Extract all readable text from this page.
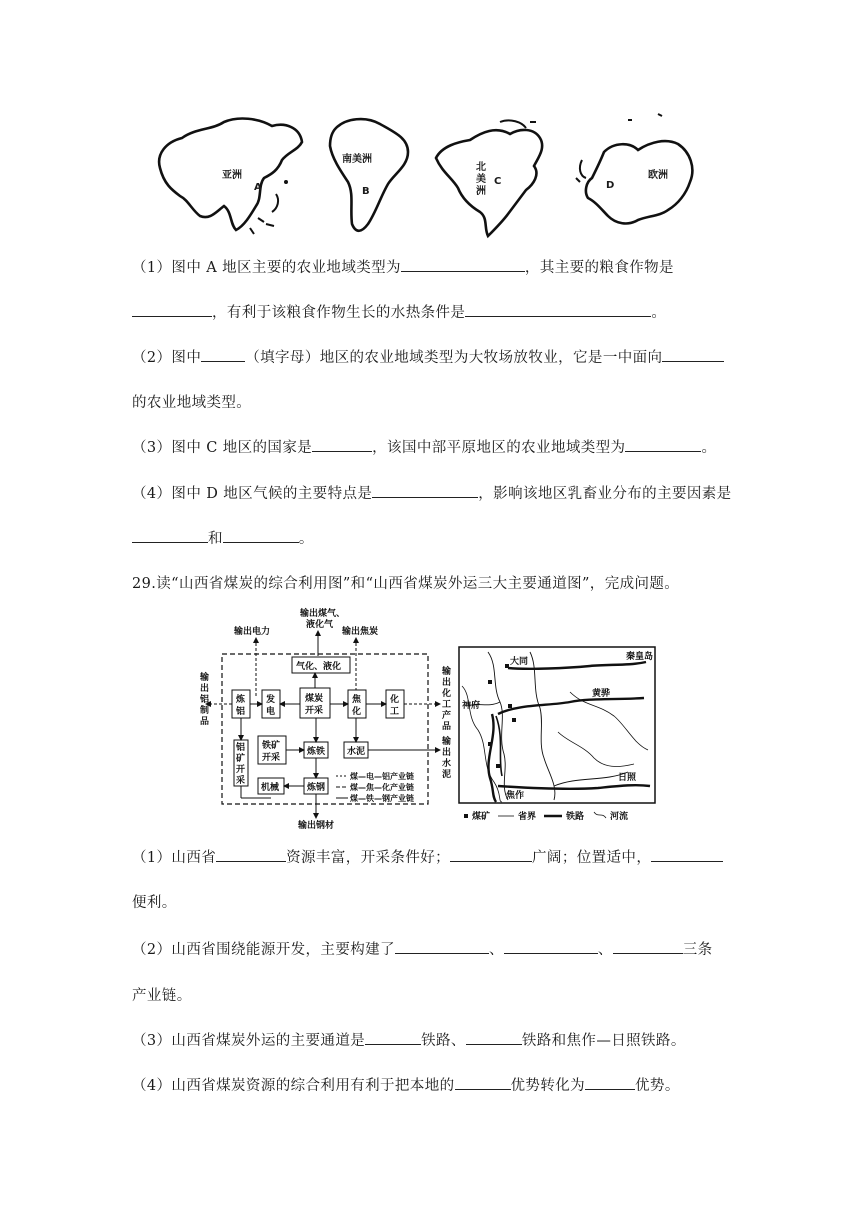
亚洲
A
南美洲
B
北
美
洲
C
欧洲
D
（1）图中 A 地区主要的农业地域类型为	，其主要的粮食作物是
，有利于该粮食作物生长的水热条件是	。
（2）图中	（填字母）地区的农业地域类型为大牧场放牧业，它是一中面向
的农业地域类型。
（3）图中 C 地区的国家是	，该国中部平原地区的农业地域类型为	。
（4）图中 D 地区气候的主要特点是	，影响该地区乳畜业分布的主要因素是
和	。
29.读“山西省煤炭的综合利用图”和“山西省煤炭外运三大主要通道图”，完成问题。
输出煤气、
液化气
输出电力	输出焦炭
气化、液化
炼
铝
发
电
煤炭
开采
焦
化
化
工
铝
矿
开
采
铁矿
开采
炼铁 水泥
机械	炼钢
煤—电—铝产业链
煤—焦—化产业链
煤—铁—钢产业链
输出钢材
输
出
铝
制
品
输
出
化
工
产
品
输
出
水
泥
大同	秦皇岛
神府
黄骅
日照
焦作
煤矿	省界	铁路	河流
（1）山西省	资源丰富，开采条件好；	广阔；位置适中，
便利。
（2）山西省围绕能源开发，主要构建了	、	、	三条
产业链。
（3）山西省煤炭外运的主要通道是	铁路、	铁路和焦作—日照铁路。
（4）山西省煤炭资源的综合利用有利于把本地的	优势转化为	优势。
